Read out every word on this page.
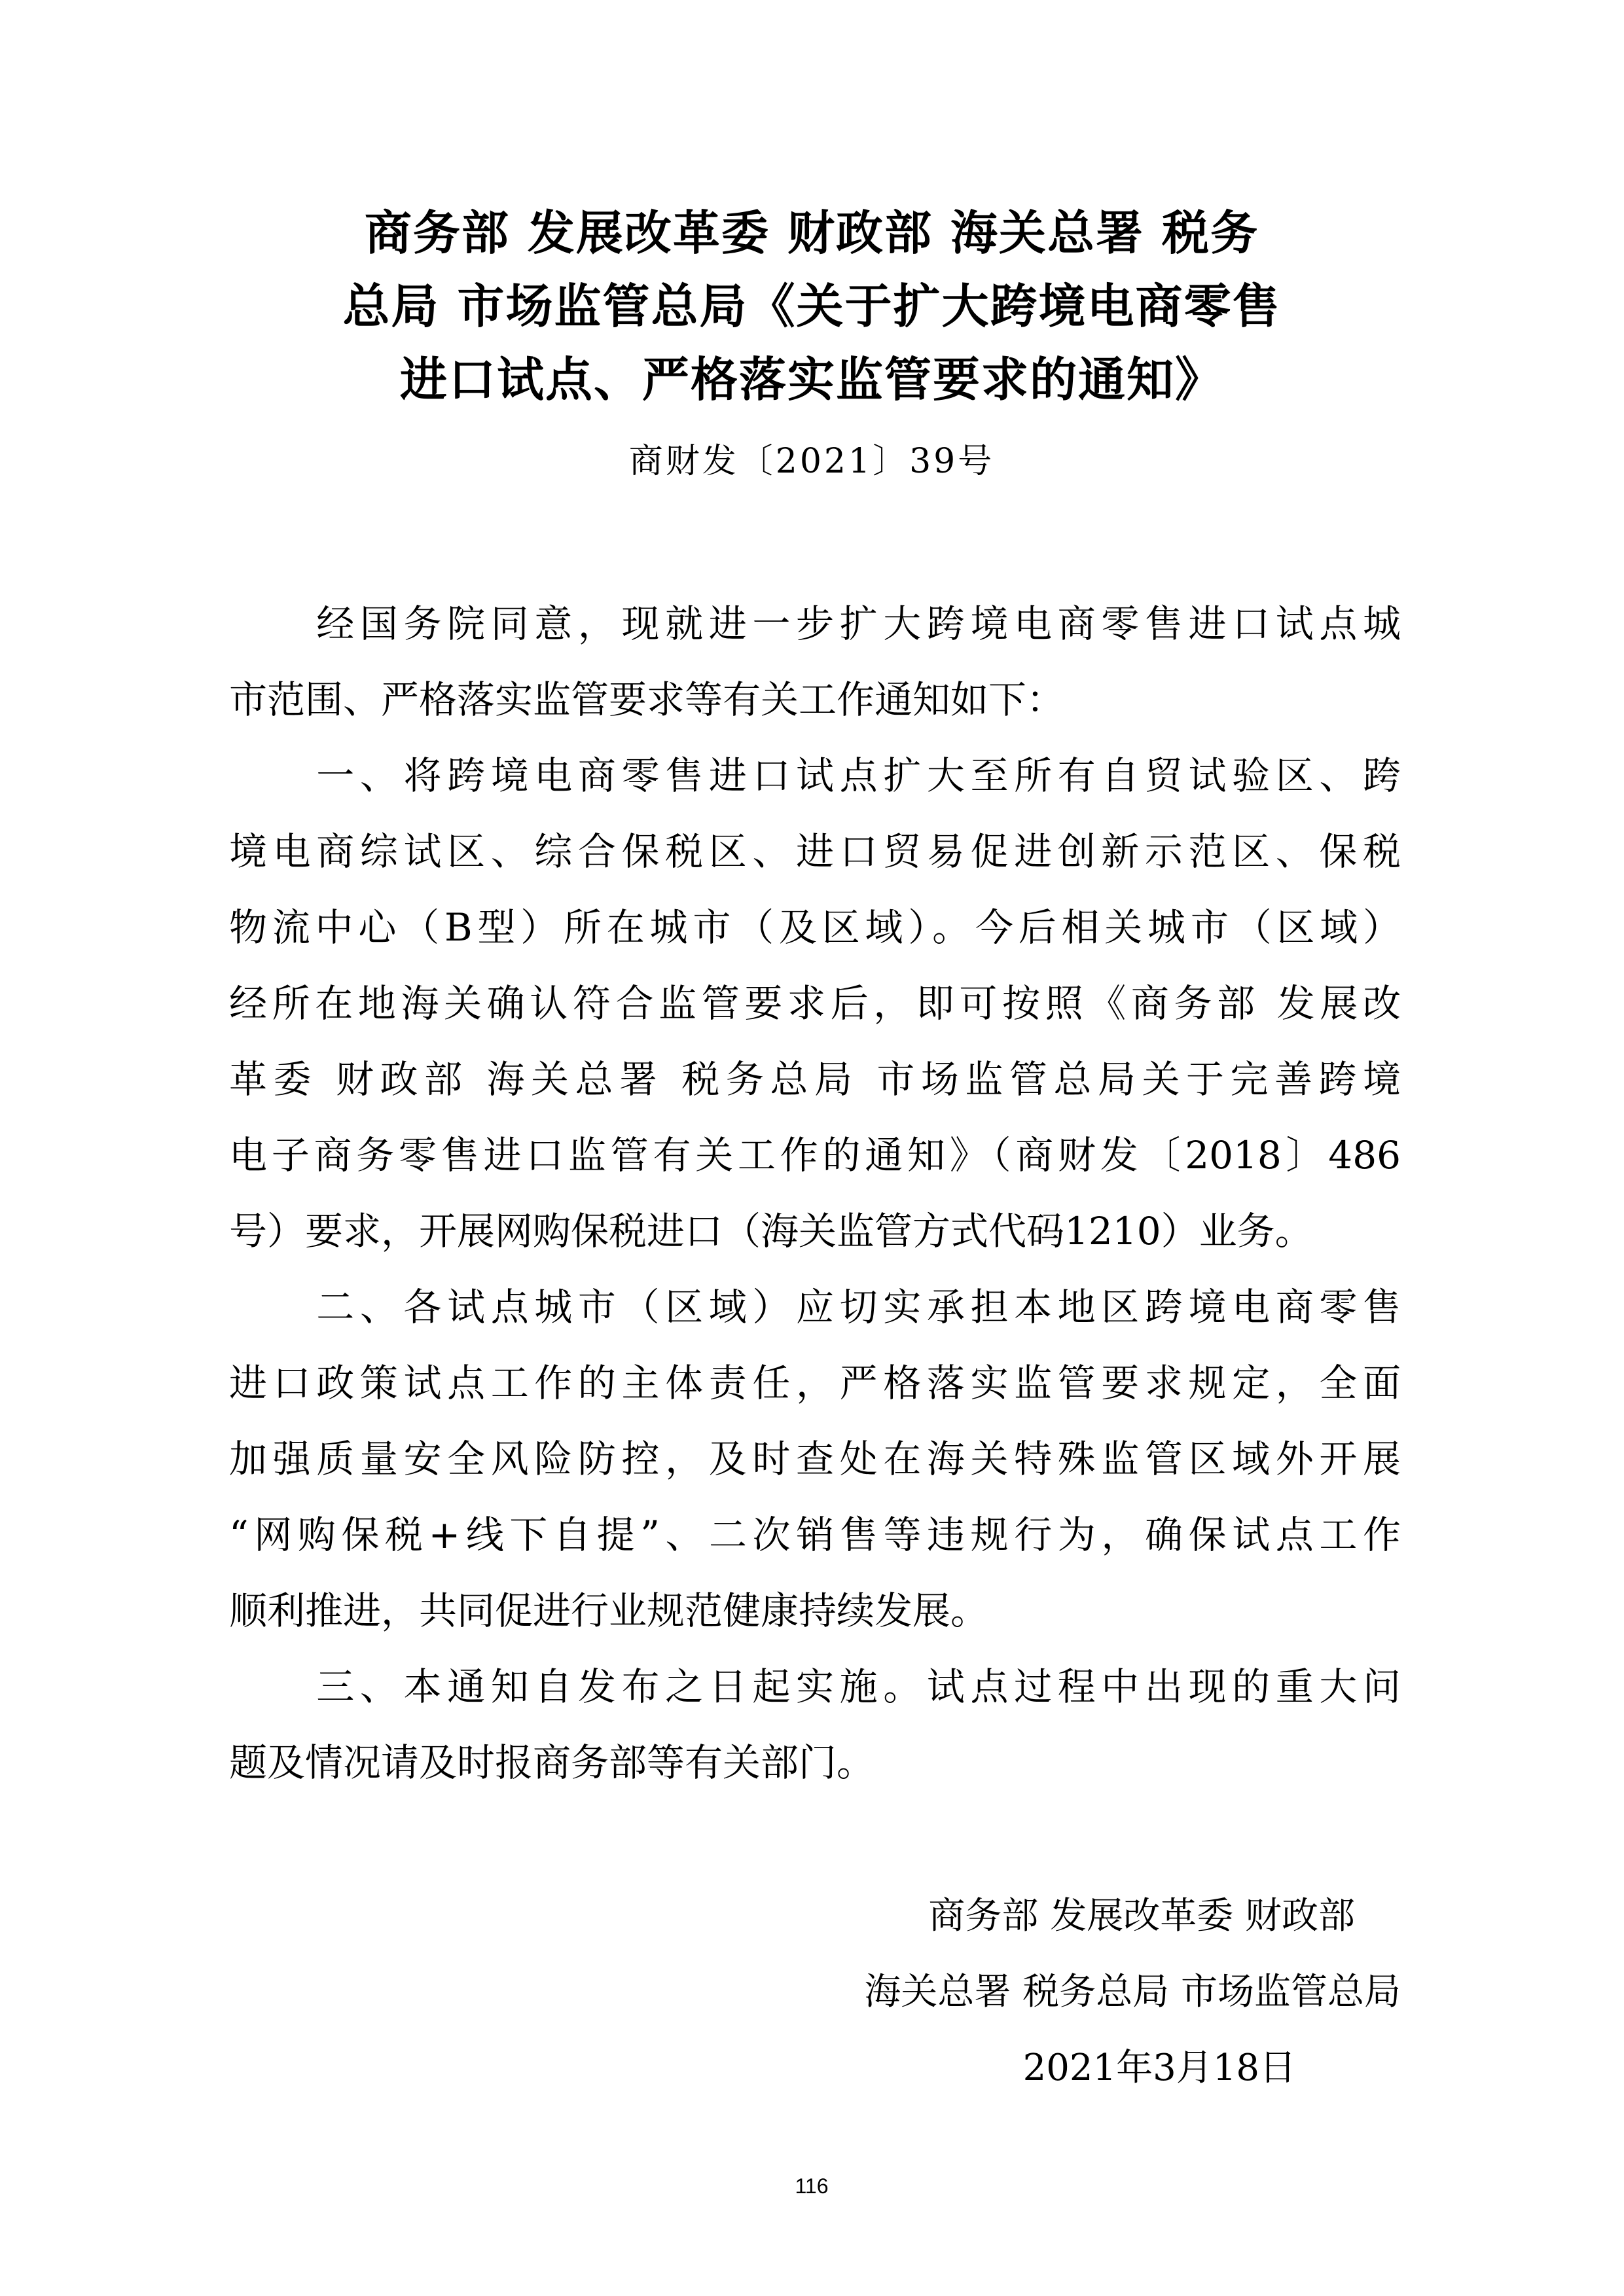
商务部 发展改革委 财政部 海关总署 税务
总局 市场监管总局《关于扩大跨境电商零售
进口试点、严格落实监管要求的通知》
商财发〔2021〕39号
　　经国务院同意，现就进一步扩大跨境电商零售进口试点城
市范围、严格落实监管要求等有关工作通知如下：
　　一、将跨境电商零售进口试点扩大至所有自贸试验区、跨
境电商综试区、综合保税区、进口贸易促进创新示范区、保税
物流中心（B型）所在城市（及区域）。今后相关城市（区域）
经所在地海关确认符合监管要求后，即可按照《商务部 发展改
革委 财政部 海关总署 税务总局 市场监管总局关于完善跨境
电子商务零售进口监管有关工作的通知》（商财发〔2018〕486
号）要求，开展网购保税进口（海关监管方式代码1210）业务。
　　二、各试点城市（区域）应切实承担本地区跨境电商零售
进口政策试点工作的主体责任，严格落实监管要求规定，全面
加强质量安全风险防控，及时查处在海关特殊监管区域外开展
“网购保税+线下自提”、二次销售等违规行为，确保试点工作
顺利推进，共同促进行业规范健康持续发展。
　　三、本通知自发布之日起实施。试点过程中出现的重大问
题及情况请及时报商务部等有关部门。
商务部 发展改革委 财政部
海关总署 税务总局 市场监管总局
2021年3月18日
116
